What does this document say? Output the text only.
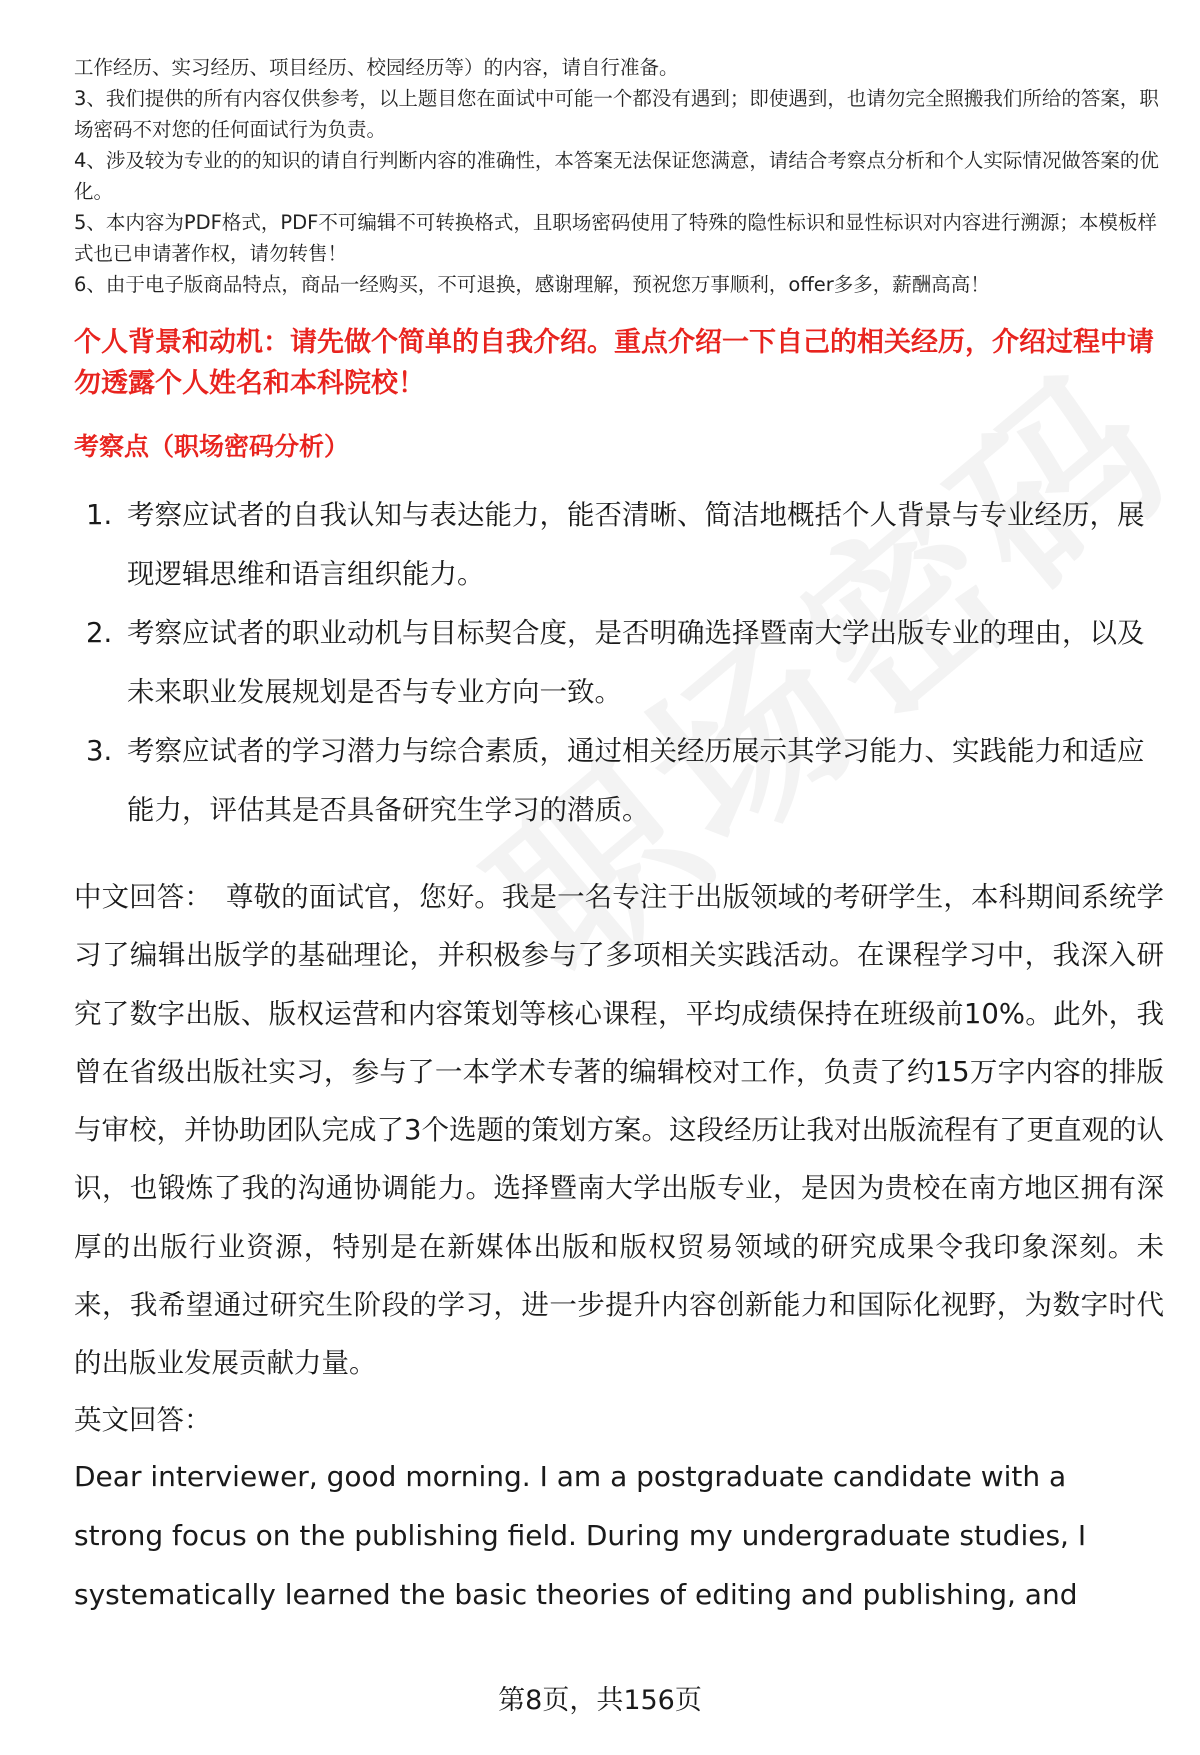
工作经历、实习经历、项目经历、校园经历等）的内容，请自行准备。

3、我们提供的所有内容仅供参考，以上题目您在面试中可能一个都没有遇到；即使遇到，也请勿完全照搬我们所给的答案，职场密码不对您的任何面试行为负责。

4、涉及较为专业的的知识的请自行判断内容的准确性，本答案无法保证您满意，请结合考察点分析和个人实际情况做答案的优化。

5、本内容为PDF格式，PDF不可编辑不可转换格式，且职场密码使用了特殊的隐性标识和显性标识对内容进行溯源；本模板样式也已申请著作权，请勿转售！

6、由于电子版商品特点，商品一经购买，不可退换，感谢理解，预祝您万事顺利，offer多多，薪酬高高！

个人背景和动机：请先做个简单的自我介绍。重点介绍一下自己的相关经历，介绍过程中请勿透露个人姓名和本科院校！

考察点（职场密码分析）

1. 考察应试者的自我认知与表达能力，能否清晰、简洁地概括个人背景与专业经历，展现逻辑思维和语言组织能力。
2. 考察应试者的职业动机与目标契合度，是否明确选择暨南大学出版专业的理由，以及未来职业发展规划是否与专业方向一致。
3. 考察应试者的学习潜力与综合素质，通过相关经历展示其学习能力、实践能力和适应能力，评估其是否具备研究生学习的潜质。

中文回答： 尊敬的面试官，您好。我是一名专注于出版领域的考研学生，本科期间系统学习了编辑出版学的基础理论，并积极参与了多项相关实践活动。在课程学习中，我深入研究了数字出版、版权运营和内容策划等核心课程，平均成绩保持在班级前10%。此外，我曾在省级出版社实习，参与了一本学术专著的编辑校对工作，负责了约15万字内容的排版与审校，并协助团队完成了3个选题的策划方案。这段经历让我对出版流程有了更直观的认识，也锻炼了我的沟通协调能力。选择暨南大学出版专业，是因为贵校在南方地区拥有深厚的出版行业资源，特别是在新媒体出版和版权贸易领域的研究成果令我印象深刻。未来，我希望通过研究生阶段的学习，进一步提升内容创新能力和国际化视野，为数字时代的出版业发展贡献力量。

英文回答：

Dear interviewer, good morning. I am a postgraduate candidate with a strong focus on the publishing field. During my undergraduate studies, I systematically learned the basic theories of editing and publishing, and

第8页，共156页
